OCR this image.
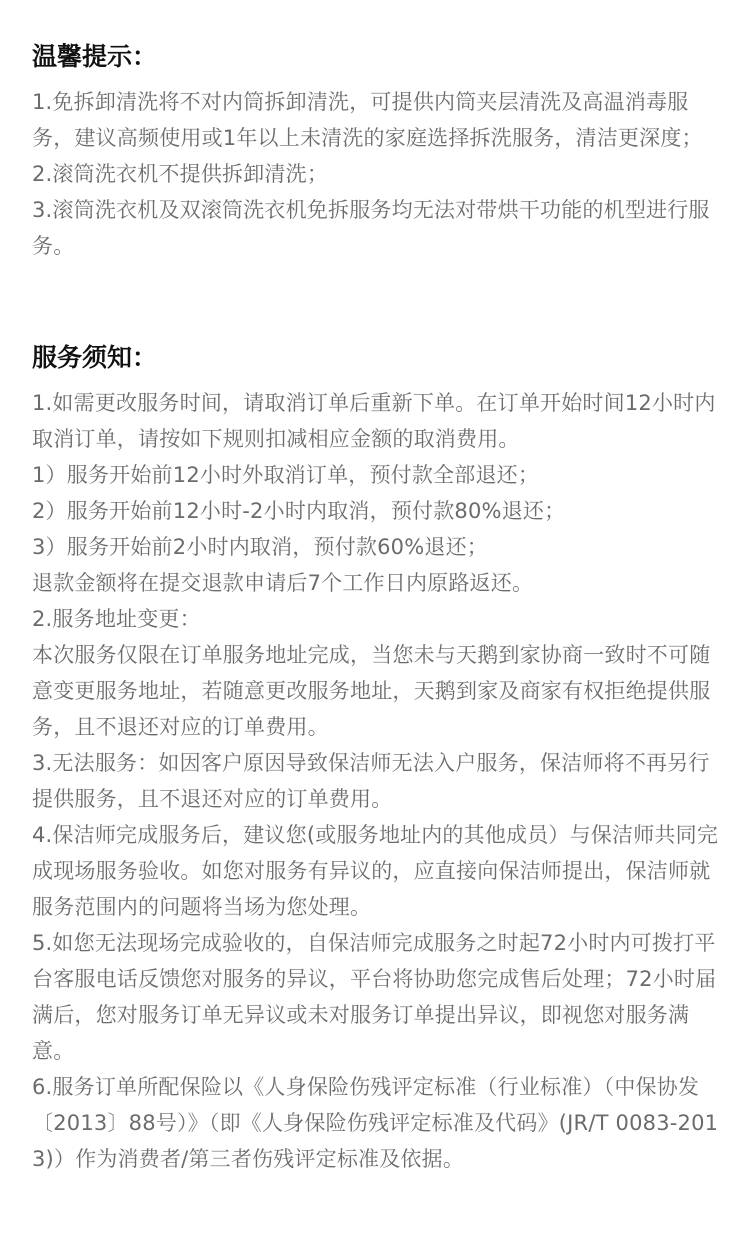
温馨提示：

1.免拆卸清洗将不对内筒拆卸清洗，可提供内筒夹层清洗及高温消毒服务，建议高频使用或1年以上未清洗的家庭选择拆洗服务，清洁更深度；

2.滚筒洗衣机不提供拆卸清洗；

3.滚筒洗衣机及双滚筒洗衣机免拆服务均无法对带烘干功能的机型进行服务。

服务须知：

1.如需更改服务时间，请取消订单后重新下单。在订单开始时间12小时内取消订单，请按如下规则扣减相应金额的取消费用。

1）服务开始前12小时外取消订单，预付款全部退还；

2）服务开始前12小时-2小时内取消，预付款80%退还；

3）服务开始前2小时内取消，预付款60%退还；

退款金额将在提交退款申请后7个工作日内原路返还。

2.服务地址变更：

本次服务仅限在订单服务地址完成，当您未与天鹅到家协商一致时不可随意变更服务地址，若随意更改服务地址，天鹅到家及商家有权拒绝提供服务，且不退还对应的订单费用。

3.无法服务：如因客户原因导致保洁师无法入户服务，保洁师将不再另行提供服务，且不退还对应的订单费用。

4.保洁师完成服务后，建议您(或服务地址内的其他成员）与保洁师共同完成现场服务验收。如您对服务有异议的，应直接向保洁师提出，保洁师就服务范围内的问题将当场为您处理。

5.如您无法现场完成验收的，自保洁师完成服务之时起72小时内可拨打平台客服电话反馈您对服务的异议，平台将协助您完成售后处理；72小时届满后，您对服务订单无异议或未对服务订单提出异议，即视您对服务满意。

6.服务订单所配保险以《人身保险伤残评定标准（行业标准）（中保协发〔2013〕88号）》（即《人身保险伤残评定标准及代码》(JR/T 0083-2013)）作为消费者/第三者伤残评定标准及依据。
